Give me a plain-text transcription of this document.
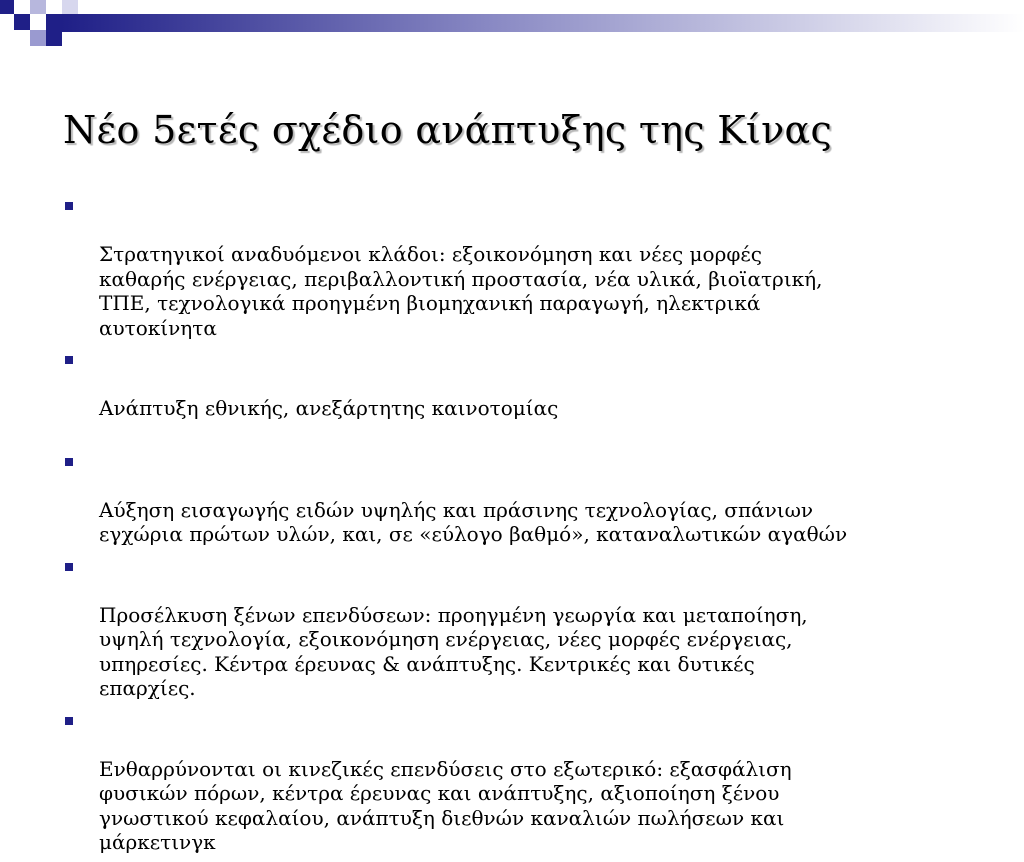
Νέο 5ετές σχέδιο ανάπτυξης της Κίνας

Στρατηγικοί αναδυόμενοι κλάδοι: εξοικονόμηση και νέες μορφές
καθαρής ενέργειας, περιβαλλοντική προστασία, νέα υλικά, βιοϊατρική,
ΤΠΕ, τεχνολογικά προηγμένη βιομηχανική παραγωγή, ηλεκτρικά
αυτοκίνητα

Ανάπτυξη εθνικής, ανεξάρτητης καινοτομίας

Αύξηση εισαγωγής ειδών υψηλής και πράσινης τεχνολογίας, σπάνιων
εγχώρια πρώτων υλών, και, σε «εύλογο βαθμό», καταναλωτικών αγαθών

Προσέλκυση ξένων επενδύσεων: προηγμένη γεωργία και μεταποίηση,
υψηλή τεχνολογία, εξοικονόμηση ενέργειας, νέες μορφές ενέργειας,
υπηρεσίες. Κέντρα έρευνας & ανάπτυξης. Κεντρικές και δυτικές
επαρχίες.

Ενθαρρύνονται οι κινεζικές επενδύσεις στο εξωτερικό: εξασφάλιση
φυσικών πόρων, κέντρα έρευνας και ανάπτυξης, αξιοποίηση ξένου
γνωστικού κεφαλαίου, ανάπτυξη διεθνών καναλιών πωλήσεων και
μάρκετινγκ
